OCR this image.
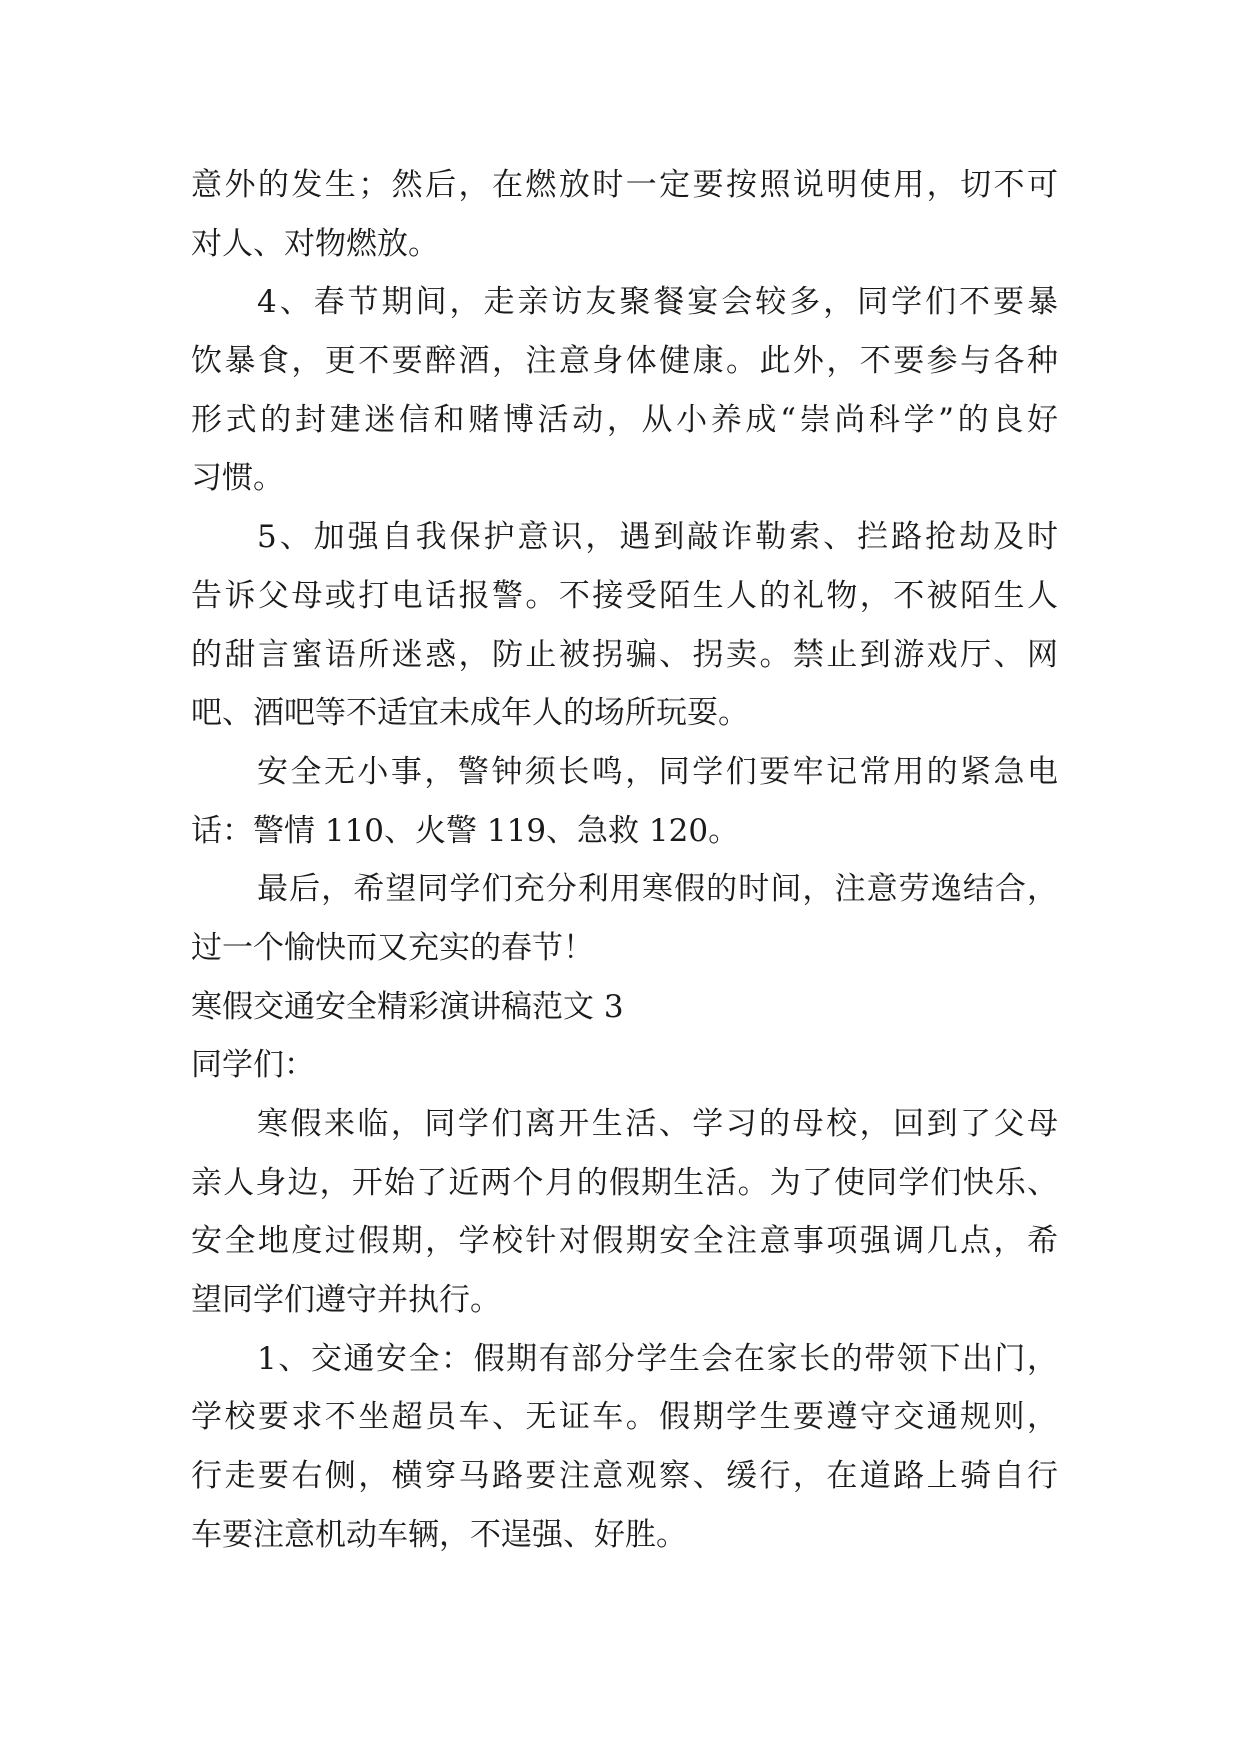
意外的发生；然后，在燃放时一定要按照说明使用，切不可
对人、对物燃放。
4、春节期间，走亲访友聚餐宴会较多，同学们不要暴
饮暴食，更不要醉酒，注意身体健康。此外，不要参与各种
形式的封建迷信和赌博活动，从小养成“崇尚科学”的良好
习惯。
5、加强自我保护意识，遇到敲诈勒索、拦路抢劫及时
告诉父母或打电话报警。不接受陌生人的礼物，不被陌生人
的甜言蜜语所迷惑，防止被拐骗、拐卖。禁止到游戏厅、网
吧、酒吧等不适宜未成年人的场所玩耍。
安全无小事，警钟须长鸣，同学们要牢记常用的紧急电
话：警情 110、火警 119、急救 120。
最后，希望同学们充分利用寒假的时间，注意劳逸结合，
过一个愉快而又充实的春节！
寒假交通安全精彩演讲稿范文 3
同学们：
寒假来临，同学们离开生活、学习的母校，回到了父母
亲人身边，开始了近两个月的假期生活。为了使同学们快乐、
安全地度过假期，学校针对假期安全注意事项强调几点，希
望同学们遵守并执行。
1、交通安全：假期有部分学生会在家长的带领下出门，
学校要求不坐超员车、无证车。假期学生要遵守交通规则，
行走要右侧，横穿马路要注意观察、缓行，在道路上骑自行
车要注意机动车辆，不逞强、好胜。
